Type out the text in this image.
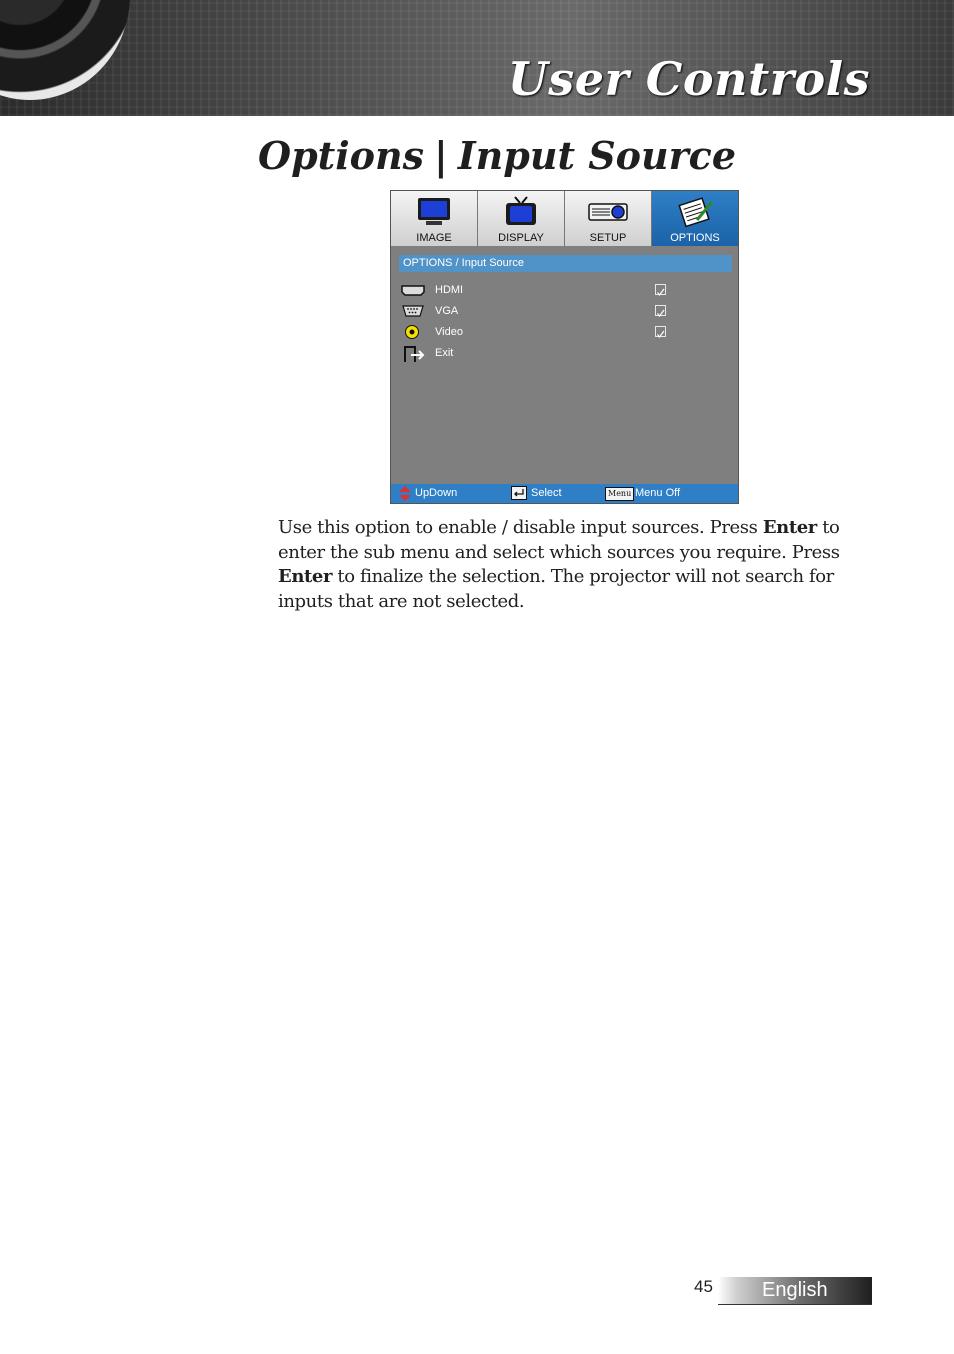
User Controls
Options | Input Source
IMAGE	DISPLAY	SETUP	OPTIONS
OPTIONS / Input Source
HDMI
VGA
Video
Exit
UpDown	Select	Menu Menu Off
Use this option to enable / disable input sources. Press Enter to enter the sub menu and select which sources you require. Press Enter to finalize the selection. The projector will not search for inputs that are not selected.
45 English
